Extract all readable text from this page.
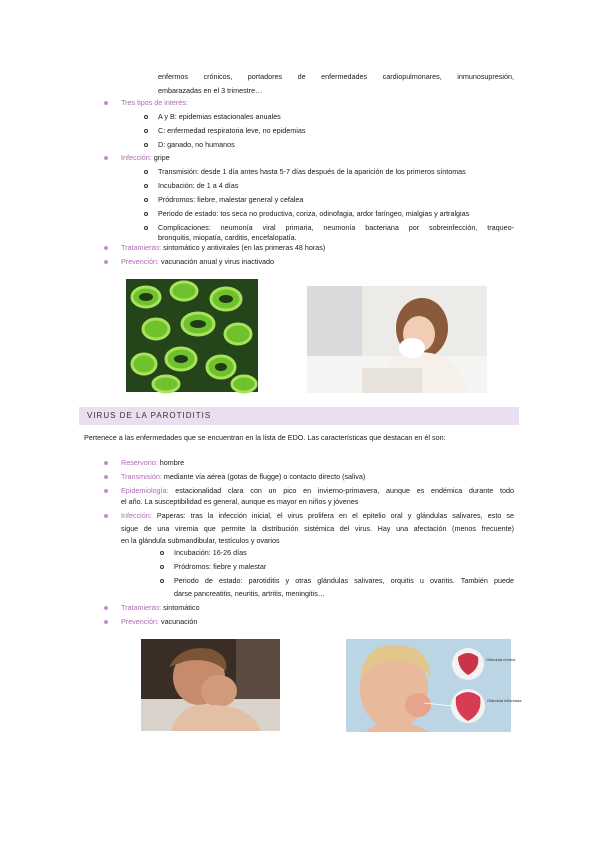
enfermos crónicos, portadores de enfermedades cardiopulmonares, inmunosupresión,
embarazadas en el 3 trimestre…
Tres tipos de interés:
A y B: epidemias estacionales anuales
C: enfermedad respiratoria leve, no epidemias
D: ganado, no humanos
Infección: gripe
Transmisión: desde 1 día antes hasta 5-7 días después de la aparición de los primeros síntomas
Incubación: de 1 a 4 días
Pródromos: fiebre, malestar general y cefalea
Periodo de estado: tos seca no productiva, coriza, odinofagia, ardor faríngeo, mialgias y artralgias
Complicaciones: neumonía viral primaria, neumonía bacteriana por sobreinfección, traqueo-
bronquitis, miopatía, carditis, encefalopatía.
Tratamiento: sintomático y antivirales (en las primeras 48 horas)
Prevención: vacunación anual y virus inactivado
VIRUS DE LA PAROTIDITIS
Pertenece a las enfermedades que se encuentran en la lista de EDO. Las características que destacan en él son:
Reservorio: hombre
Transmisión: mediante vía aérea (gotas de flugge) o contacto directo (saliva)
Epidemiología: estacionalidad clara con un pico en invierno-primavera, aunque es endémica durante todo
el año. La susceptibilidad es general, aunque es mayor en niños y jóvenes
Infección: Paperas: tras la infección inicial, el virus prolifera en el epitelio oral y glándulas salivares, esto se
sigue de una viremia que permite la distribución sistémica del virus. Hay una afectación (menos frecuente)
en la glándula submandibular, testículos y ovarios
Incubación: 16-26 días
Pródromos: fiebre y malestar
Periodo de estado: parotiditis y otras glándulas salivares, orquitis u ovaritis. También puede
darse pancreatitis, neuritis, artritis, meningitis…
Tratamiento: sintomático
Prevención: vacunación
Glándula normal
Glándula inflamada
